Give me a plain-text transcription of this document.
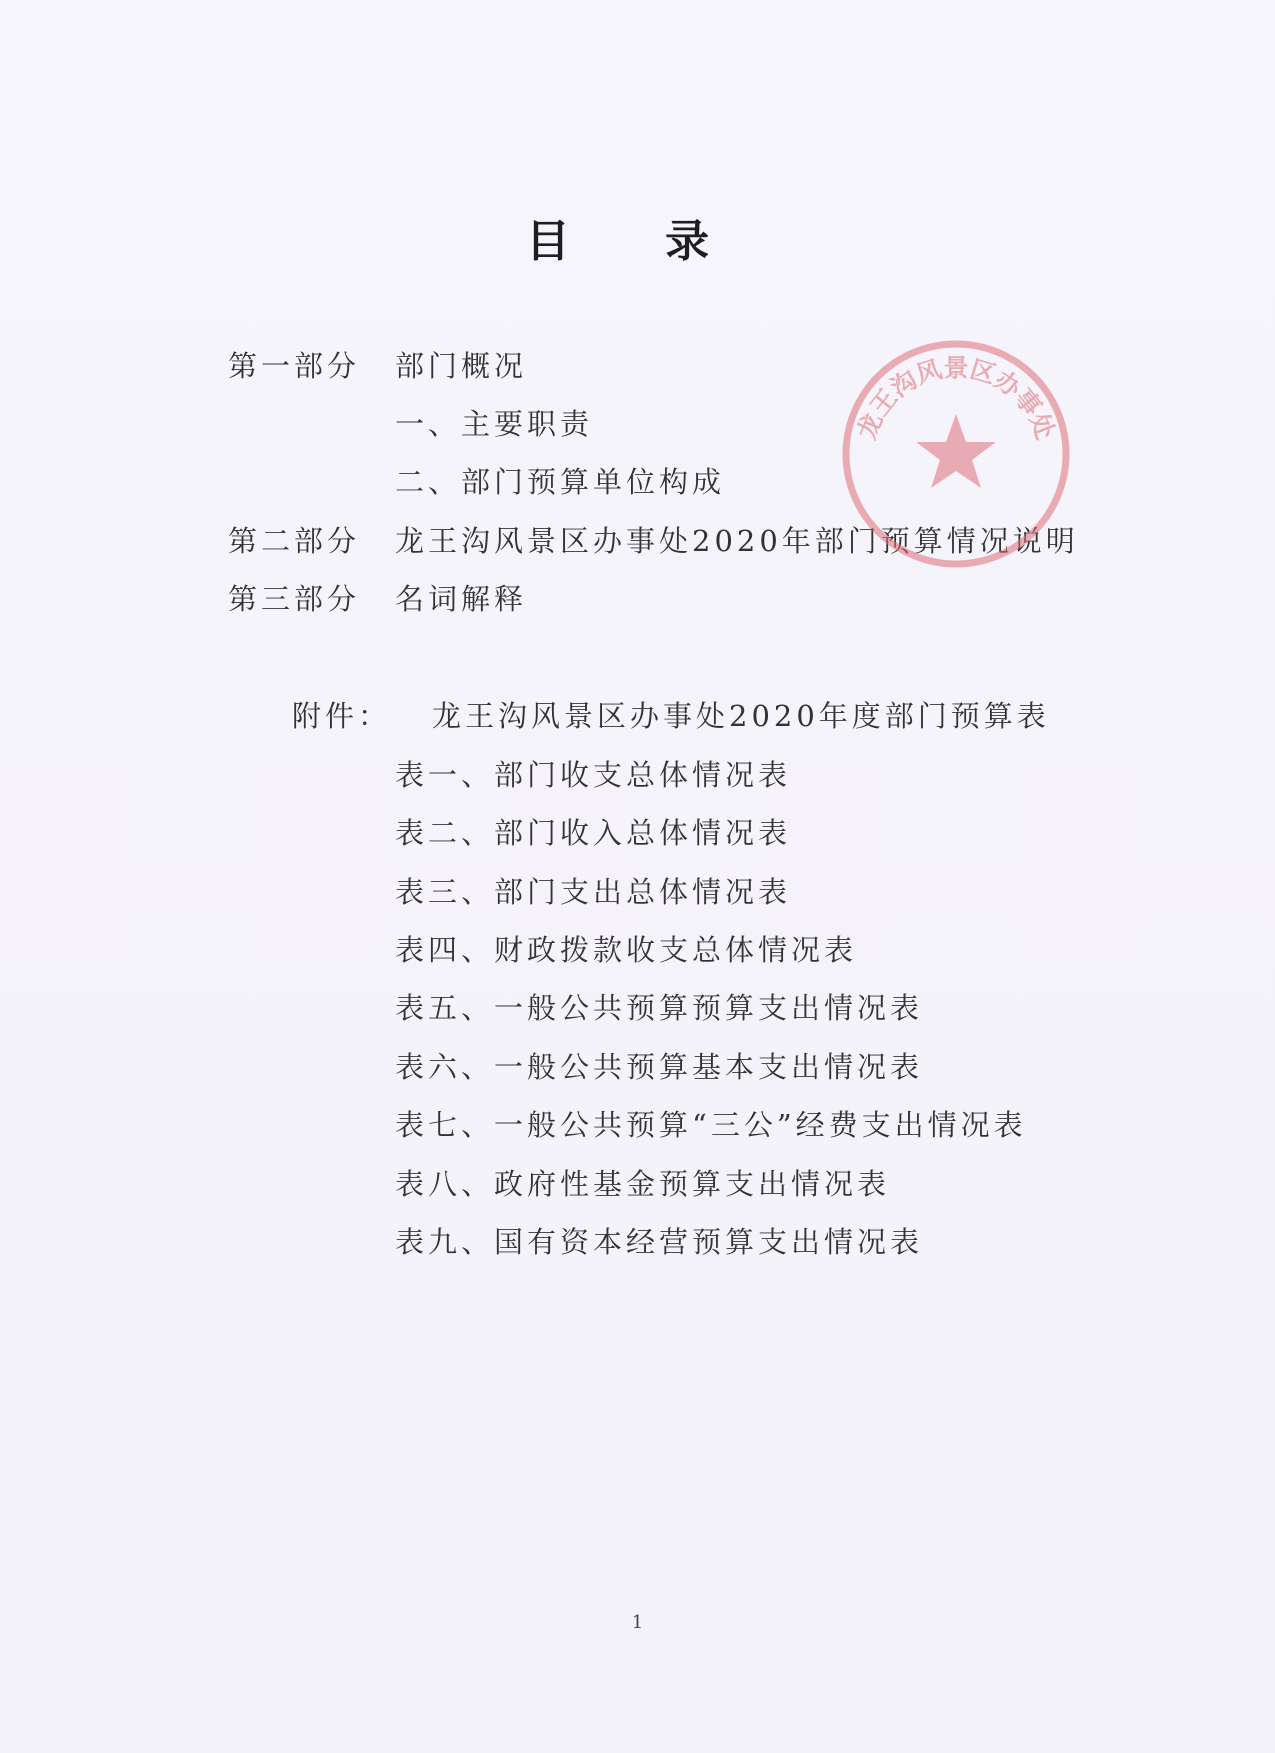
目 录
第一部分 部门概况
一、主要职责
二、部门预算单位构成
第二部分 龙王沟风景区办事处2020年部门预算情况说明
第三部分 名词解释
附件： 龙王沟风景区办事处2020年度部门预算表
表一、部门收支总体情况表
表二、部门收入总体情况表
表三、部门支出总体情况表
表四、财政拨款收支总体情况表
表五、一般公共预算预算支出情况表
表六、一般公共预算基本支出情况表
表七、一般公共预算“三公”经费支出情况表
表八、政府性基金预算支出情况表
表九、国有资本经营预算支出情况表
1
龙王沟风景区办事处
